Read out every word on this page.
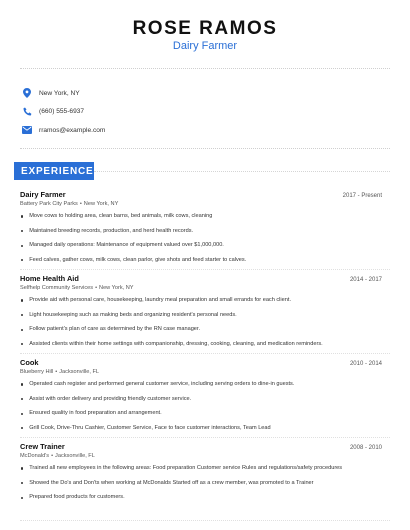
ROSE RAMOS
Dairy Farmer
New York, NY
(660) 555-6937
rramos@example.com
EXPERIENCE
Dairy Farmer	2017 - Present
Battery Park City Parks • New York, NY
Move cows to holding area, clean barns, bed animals, milk cows, cleaning
Maintained breeding records, production, and herd health records.
Managed daily operations: Maintenance of equipment valued over $1,000,000.
Feed calves, gather cows, milk cows, clean parlor, give shots and feed starter to calves.
Home Health Aid	2014 - 2017
Selfhelp Community Services • New York, NY
Provide aid with personal care, housekeeping, laundry meal preparation and small errands for each client.
Light housekeeping such as making beds and organizing resident's personal needs.
Follow patient's plan of care as determined by the RN case manager.
Assisted clients within their home settings with companionship, dressing, cooking, cleaning, and medication reminders.
Cook	2010 - 2014
Blueberry Hill • Jacksonville, FL
Operated cash register and performed general customer service, including serving orders to dine-in guests.
Assist with order delivery and providing friendly customer service.
Ensured quality in food preparation and arrangement.
Grill Cook, Drive-Thru Cashier, Customer Service, Face to face customer interactions, Team Lead
Crew Trainer	2008 - 2010
McDonald's • Jacksonville, FL
Trained all new employees in the following areas: Food preparation Customer service Rules and regulations/safety procedures
Showed the Do's and Don'ts when working at McDonalds Started off as a crew member, was promoted to a Trainer
Prepared food products for customers.
